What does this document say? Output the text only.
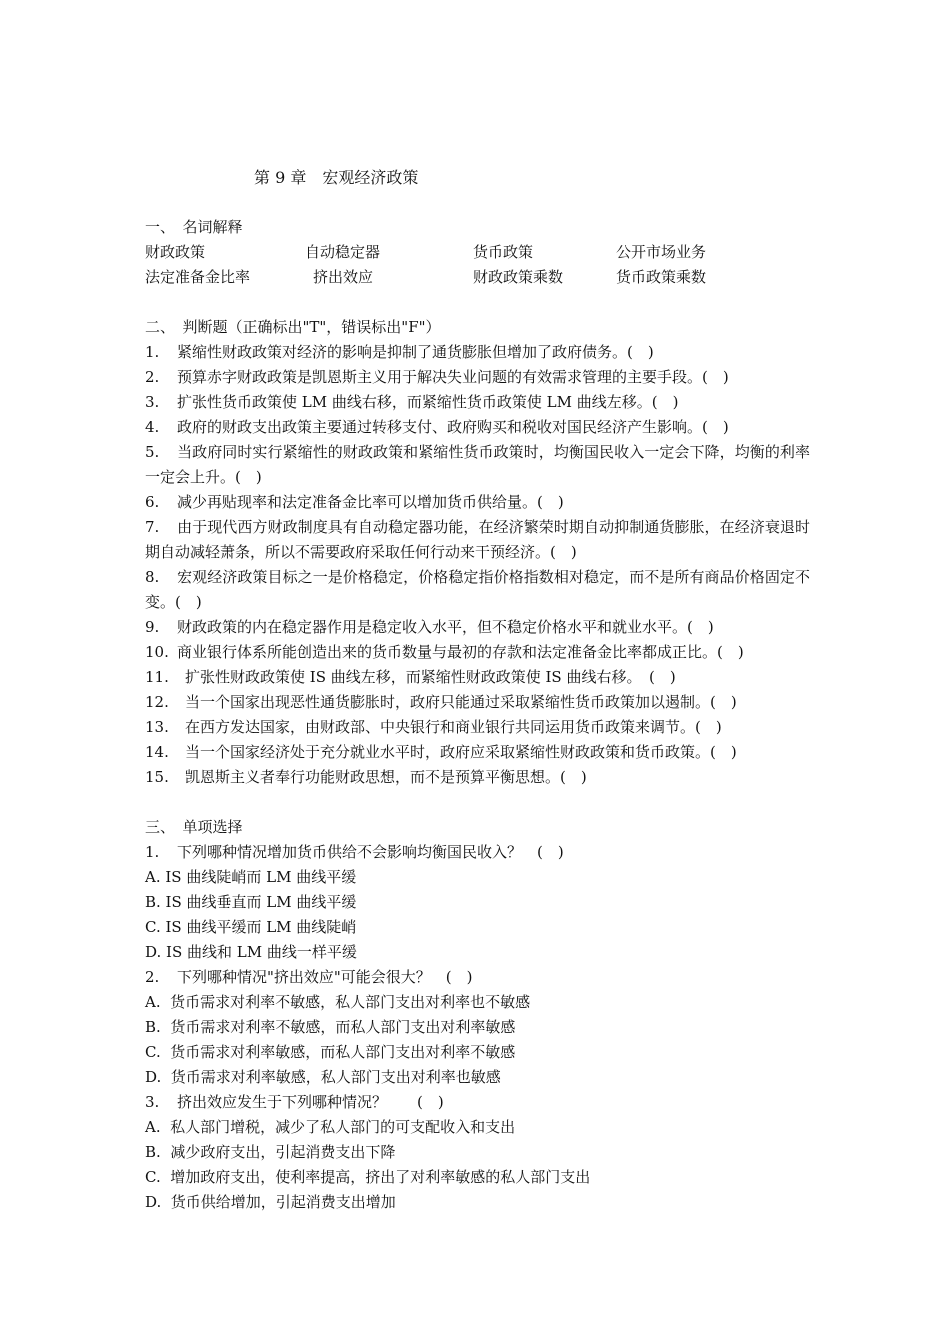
第 9 章　宏观经济政策
一、　名词解释
财政政策	自动稳定器	货币政策	公开市场业务
法定准备金比率	挤出效应	财政政策乘数	货币政策乘数
二、　判断题（正确标出"T"，错误标出"F"）
1. 紧缩性财政政策对经济的影响是抑制了通货膨胀但增加了政府债务。(　)
2. 预算赤字财政政策是凯恩斯主义用于解决失业问题的有效需求管理的主要手段。(　)
3. 扩张性货币政策使 LM 曲线右移，而紧缩性货币政策使 LM 曲线左移。(　)
4. 政府的财政支出政策主要通过转移支付、政府购买和税收对国民经济产生影响。(　)
5. 当政府同时实行紧缩性的财政政策和紧缩性货币政策时，均衡国民收入一定会下降，均衡的利率一定会上升。(　)
6. 减少再贴现率和法定准备金比率可以增加货币供给量。(　)
7. 由于现代西方财政制度具有自动稳定器功能，在经济繁荣时期自动抑制通货膨胀，在经济衰退时期自动减轻萧条，所以不需要政府采取任何行动来干预经济。(　)
8. 宏观经济政策目标之一是价格稳定，价格稳定指价格指数相对稳定，而不是所有商品价格固定不变。(　)
9. 财政政策的内在稳定器作用是稳定收入水平，但不稳定价格水平和就业水平。(　)
10. 商业银行体系所能创造出来的货币数量与最初的存款和法定准备金比率都成正比。(　)
11. 扩张性财政政策使 IS 曲线左移，而紧缩性财政政策使 IS 曲线右移。　(　)
12. 当一个国家出现恶性通货膨胀时，政府只能通过采取紧缩性货币政策加以遏制。(　)
13. 在西方发达国家，由财政部、中央银行和商业银行共同运用货币政策来调节。(　)
14. 当一个国家经济处于充分就业水平时，政府应采取紧缩性财政政策和货币政策。(　)
15. 凯恩斯主义者奉行功能财政思想，而不是预算平衡思想。(　)
三、　单项选择
1. 下列哪种情况增加货币供给不会影响均衡国民收入？　(　)
A. IS 曲线陡峭而 LM 曲线平缓
B. IS 曲线垂直而 LM 曲线平缓
C. IS 曲线平缓而 LM 曲线陡峭
D. IS 曲线和 LM 曲线一样平缓
2. 下列哪种情况"挤出效应"可能会很大？　(　)
A.  货币需求对利率不敏感，私人部门支出对利率也不敏感
B.  货币需求对利率不敏感，而私人部门支出对利率敏感
C.  货币需求对利率敏感，而私人部门支出对利率不敏感
D.  货币需求对利率敏感，私人部门支出对利率也敏感
3. 挤出效应发生于下列哪种情况？　　(　)
A.  私人部门增税，减少了私人部门的可支配收入和支出
B.  减少政府支出，引起消费支出下降
C.  增加政府支出，使利率提高，挤出了对利率敏感的私人部门支出
D.  货币供给增加，引起消费支出增加
